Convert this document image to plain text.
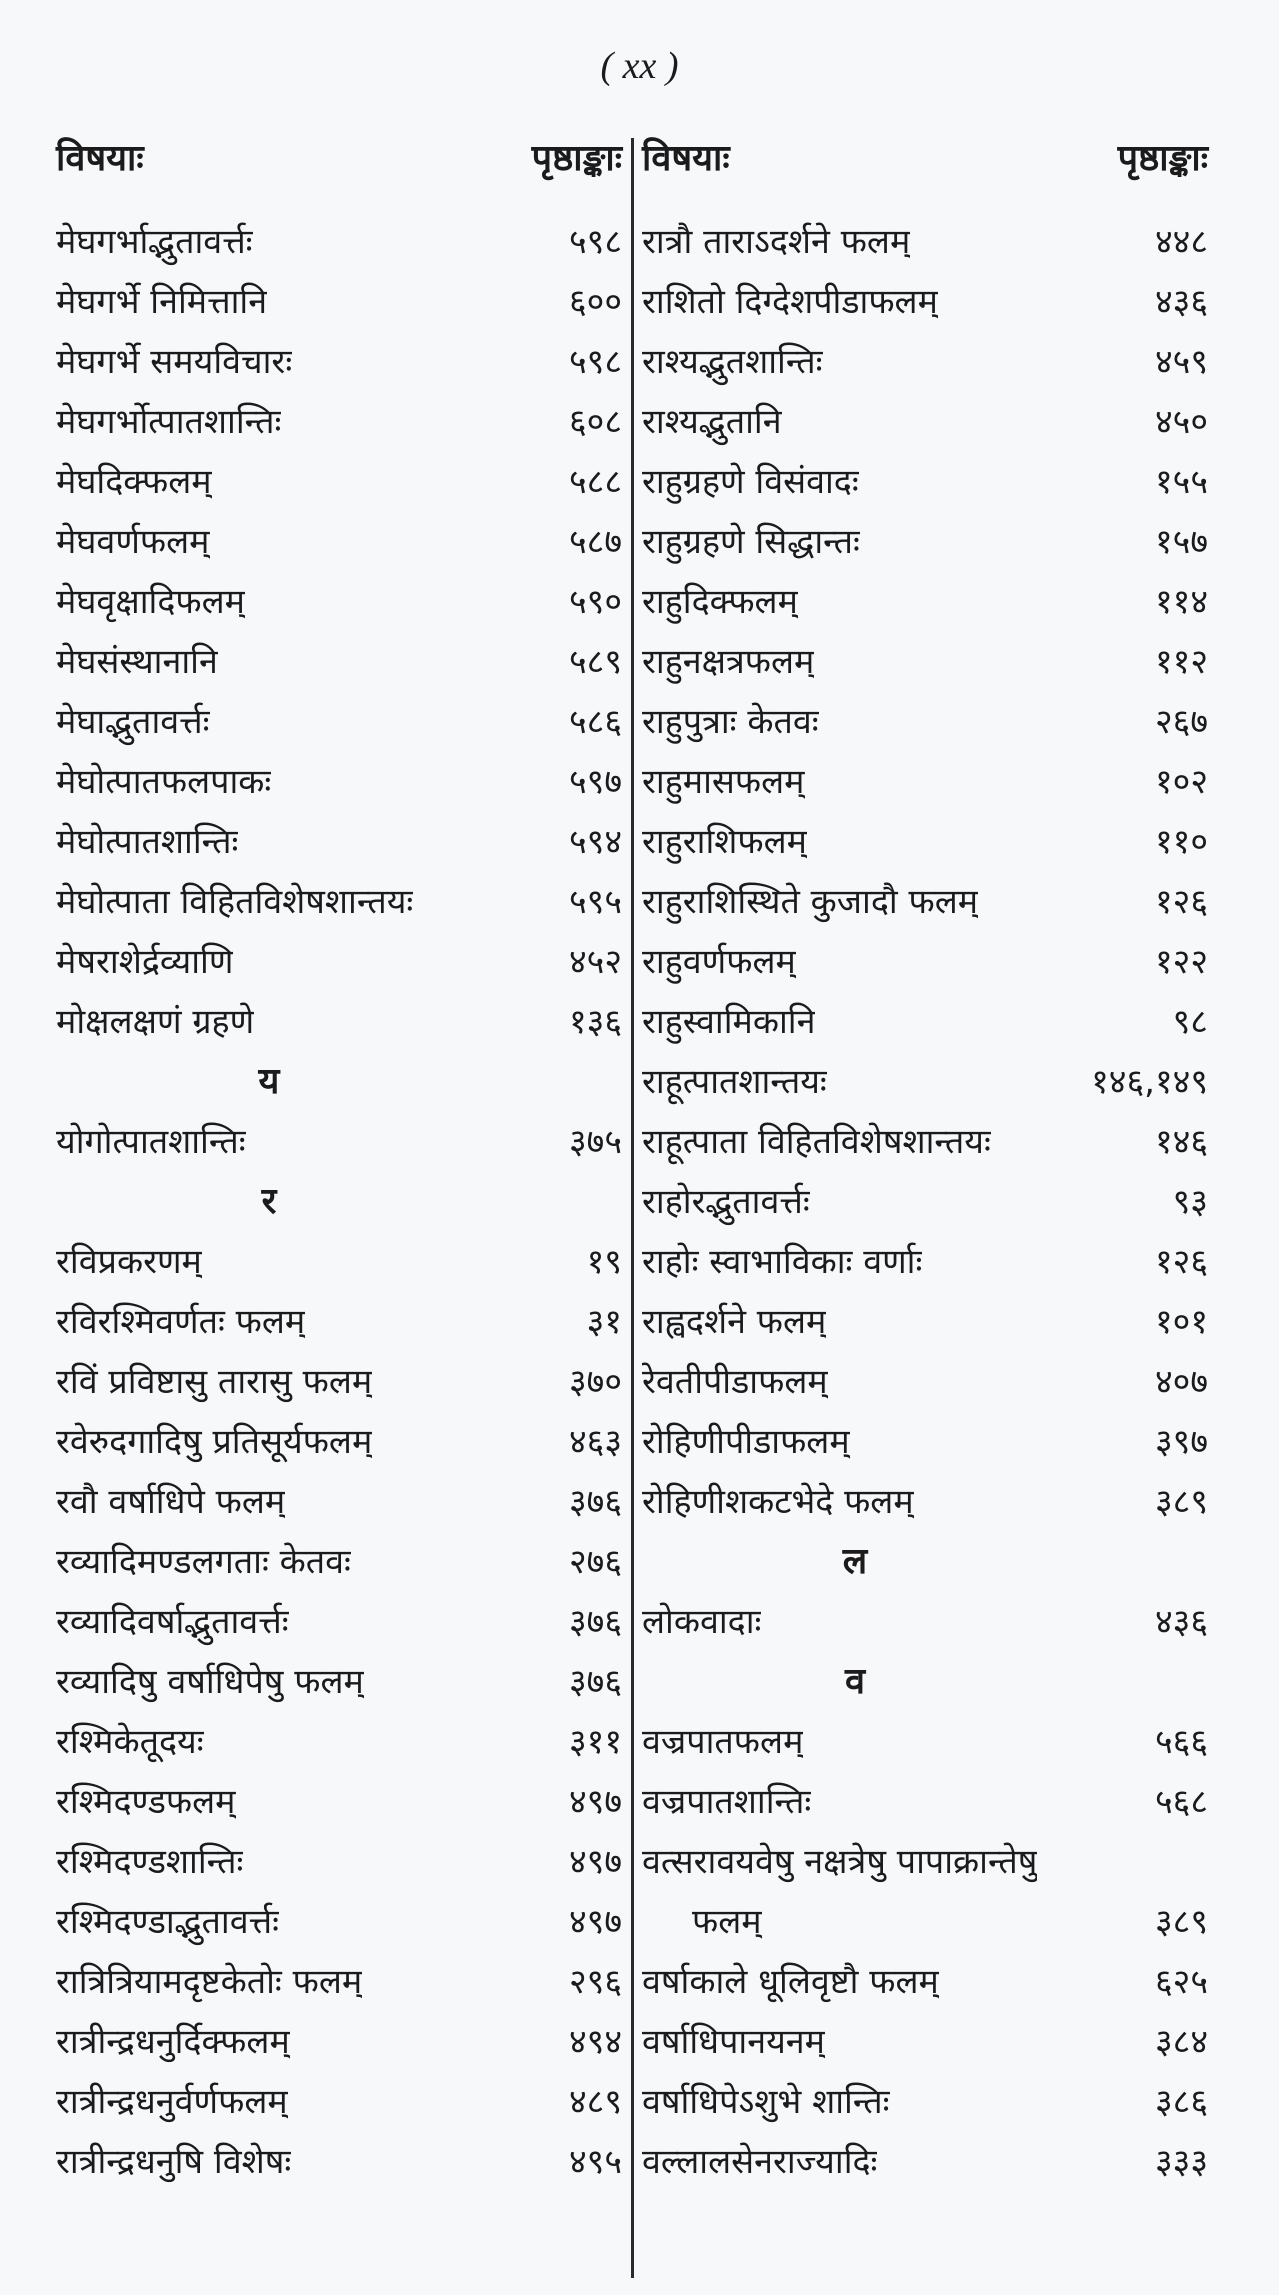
( xx )
विषयाः	पृष्ठाङ्काः
मेघगर्भाद्भुतावर्त्तः	५९८
मेघगर्भे निमित्तानि	६००
मेघगर्भे समयविचारः	५९८
मेघगर्भोत्पातशान्तिः	६०८
मेघदिक्फलम्	५८८
मेघवर्णफलम्	५८७
मेघवृक्षादिफलम्	५९०
मेघसंस्थानानि	५८९
मेघाद्भुतावर्त्तः	५८६
मेघोत्पातफलपाकः	५९७
मेघोत्पातशान्तिः	५९४
मेघोत्पाता विहितविशेषशान्तयः	५९५
मेषराशेर्द्रव्याणि	४५२
मोक्षलक्षणं ग्रहणे	१३६
य
योगोत्पातशान्तिः	३७५
र
रविप्रकरणम्	१९
रविरश्मिवर्णतः फलम्	३१
रविं प्रविष्टासु तारासु फलम्	३७०
रवेरुदगादिषु प्रतिसूर्यफलम्	४६३
रवौ वर्षाधिपे फलम्	३७६
रव्यादिमण्डलगताः केतवः	२७६
रव्यादिवर्षाद्भुतावर्त्तः	३७६
रव्यादिषु वर्षाधिपेषु फलम्	३७६
रश्मिकेतूदयः	३११
रश्मिदण्डफलम्	४९७
रश्मिदण्डशान्तिः	४९७
रश्मिदण्डाद्भुतावर्त्तः	४९७
रात्रित्रियामदृष्टकेतोः फलम्	२९६
रात्रीन्द्रधनुर्दिक्फलम्	४९४
रात्रीन्द्रधनुर्वर्णफलम्	४८९
रात्रीन्द्रधनुषि विशेषः	४९५
विषयाः	पृष्ठाङ्काः
रात्रौ ताराऽदर्शने फलम्	४४८
राशितो दिग्देशपीडाफलम्	४३६
राश्यद्भुतशान्तिः	४५९
राश्यद्भुतानि	४५०
राहुग्रहणे विसंवादः	१५५
राहुग्रहणे सिद्धान्तः	१५७
राहुदिक्फलम्	११४
राहुनक्षत्रफलम्	११२
राहुपुत्राः केतवः	२६७
राहुमासफलम्	१०२
राहुराशिफलम्	११०
राहुराशिस्थिते कुजादौ फलम्	१२६
राहुवर्णफलम्	१२२
राहुस्वामिकानि	९८
राहूत्पातशान्तयः	१४६,१४९
राहूत्पाता विहितविशेषशान्तयः	१४६
राहोरद्भुतावर्त्तः	९३
राहोः स्वाभाविकाः वर्णाः	१२६
राह्वदर्शने फलम्	१०१
रेवतीपीडाफलम्	४०७
रोहिणीपीडाफलम्	३९७
रोहिणीशकटभेदे फलम्	३८९
ल
लोकवादाः	४३६
व
वज्रपातफलम्	५६६
वज्रपातशान्तिः	५६८
वत्सरावयवेषु नक्षत्रेषु पापाक्रान्तेषु
फलम्	३८९
वर्षाकाले धूलिवृष्टौ फलम्	६२५
वर्षाधिपानयनम्	३८४
वर्षाधिपेऽशुभे शान्तिः	३८६
वल्लालसेनराज्यादिः	३३३
